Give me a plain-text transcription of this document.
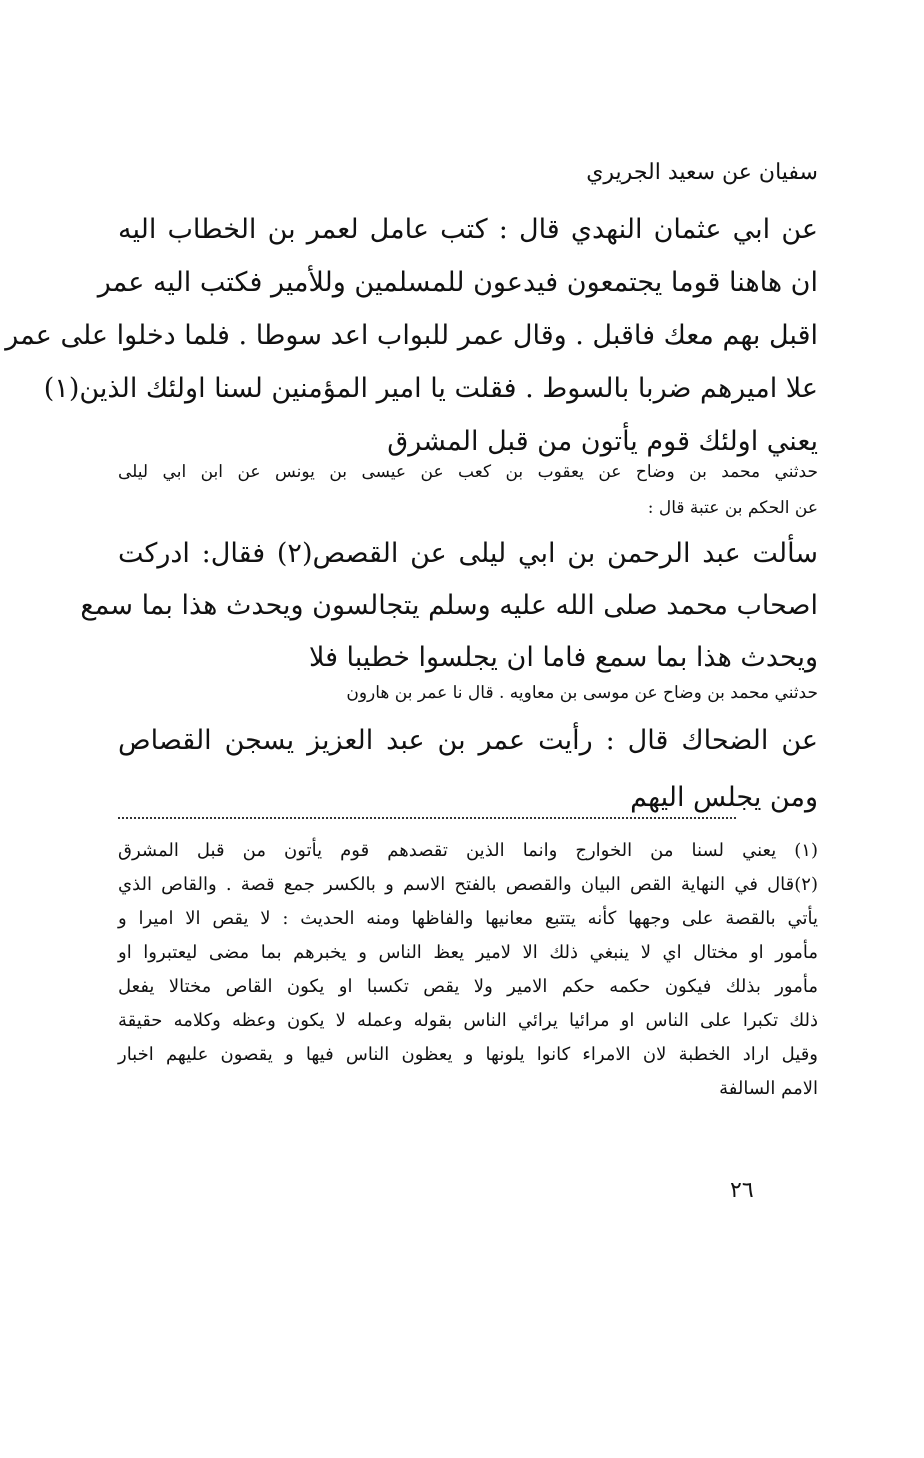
سفيان عن سعيد الجريري
عن ابي عثمان النهدي قال : كتب عامل لعمر بن الخطاب اليه
ان هاهنا قوما يجتمعون فيدعون للمسلمين وللأمير فكتب اليه عمر
اقبل بهم معك فاقبل . وقال عمر للبواب اعد سوطا . فلما دخلوا على عمر
علا اميرهم ضربا بالسوط . فقلت يا امير المؤمنين لسنا اولئك الذين(١)
يعني اولئك قوم يأتون من قبل المشرق
حدثني محمد بن وضاح عن يعقوب بن كعب عن عيسى بن يونس عن ابن ابي ليلى
عن الحكم بن عتبة قال :
سألت عبد الرحمن بن ابي ليلى عن القصص(٢) فقال: ادركت
اصحاب محمد صلى الله عليه وسلم يتجالسون ويحدث هذا بما سمع
ويحدث هذا بما سمع فاما ان يجلسوا خطيبا فلا
حدثني محمد بن وضاح عن موسى بن معاويه . قال نا عمر بن هارون
عن الضحاك قال : رأيت عمر بن عبد العزيز يسجن القصاص
ومن يجلس اليهم
(١) يعني لسنا من الخوارج وانما الذين تقصدهم قوم يأتون من قبل المشرق
(٢)قال في النهاية القص البيان والقصص بالفتح الاسم و بالكسر جمع قصة . والقاص الذي
يأتي بالقصة على وجهها كأنه يتتبع معانيها والفاظها ومنه الحديث : لا يقص الا اميرا و
مأمور او مختال اي لا ينبغي ذلك الا لامير يعظ الناس و يخبرهم بما مضى ليعتبروا او
مأمور بذلك فيكون حكمه حكم الامير ولا يقص تكسبا او يكون القاص مختالا يفعل
ذلك تكبرا على الناس او مرائيا يرائي الناس بقوله وعمله لا يكون وعظه وكلامه حقيقة
وقيل اراد الخطبة لان الامراء كانوا يلونها و يعظون الناس فيها و يقصون عليهم اخبار
الامم السالفة
٢٦
